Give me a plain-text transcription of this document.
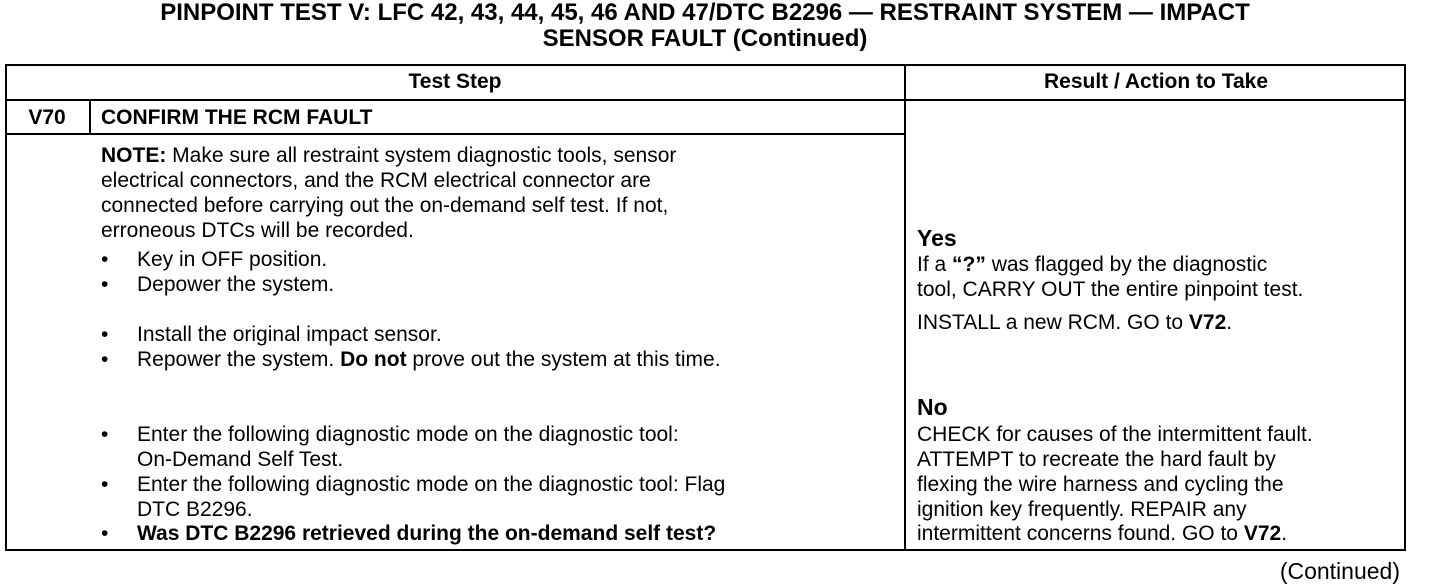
PINPOINT TEST V: LFC 42, 43, 44, 45, 46 AND 47/DTC B2296 — RESTRAINT SYSTEM — IMPACT
SENSOR FAULT (Continued)
Test Step	Result / Action to Take
V70	CONFIRM THE RCM FAULT
NOTE: Make sure all restraint system diagnostic tools, sensor
electrical connectors, and the RCM electrical connector are
connected before carrying out the on-demand self test. If not,
erroneous DTCs will be recorded.
• Key in OFF position.
• Depower the system.
• Install the original impact sensor.
• Repower the system. Do not prove out the system at this time.
• Enter the following diagnostic mode on the diagnostic tool:
On-Demand Self Test.
• Enter the following diagnostic mode on the diagnostic tool: Flag
DTC B2296.
• Was DTC B2296 retrieved during the on-demand self test?
Yes
If a “?” was flagged by the diagnostic
tool, CARRY OUT the entire pinpoint test.
INSTALL a new RCM. GO to V72.
No
CHECK for causes of the intermittent fault.
ATTEMPT to recreate the hard fault by
flexing the wire harness and cycling the
ignition key frequently. REPAIR any
intermittent concerns found. GO to V72.
(Continued)
